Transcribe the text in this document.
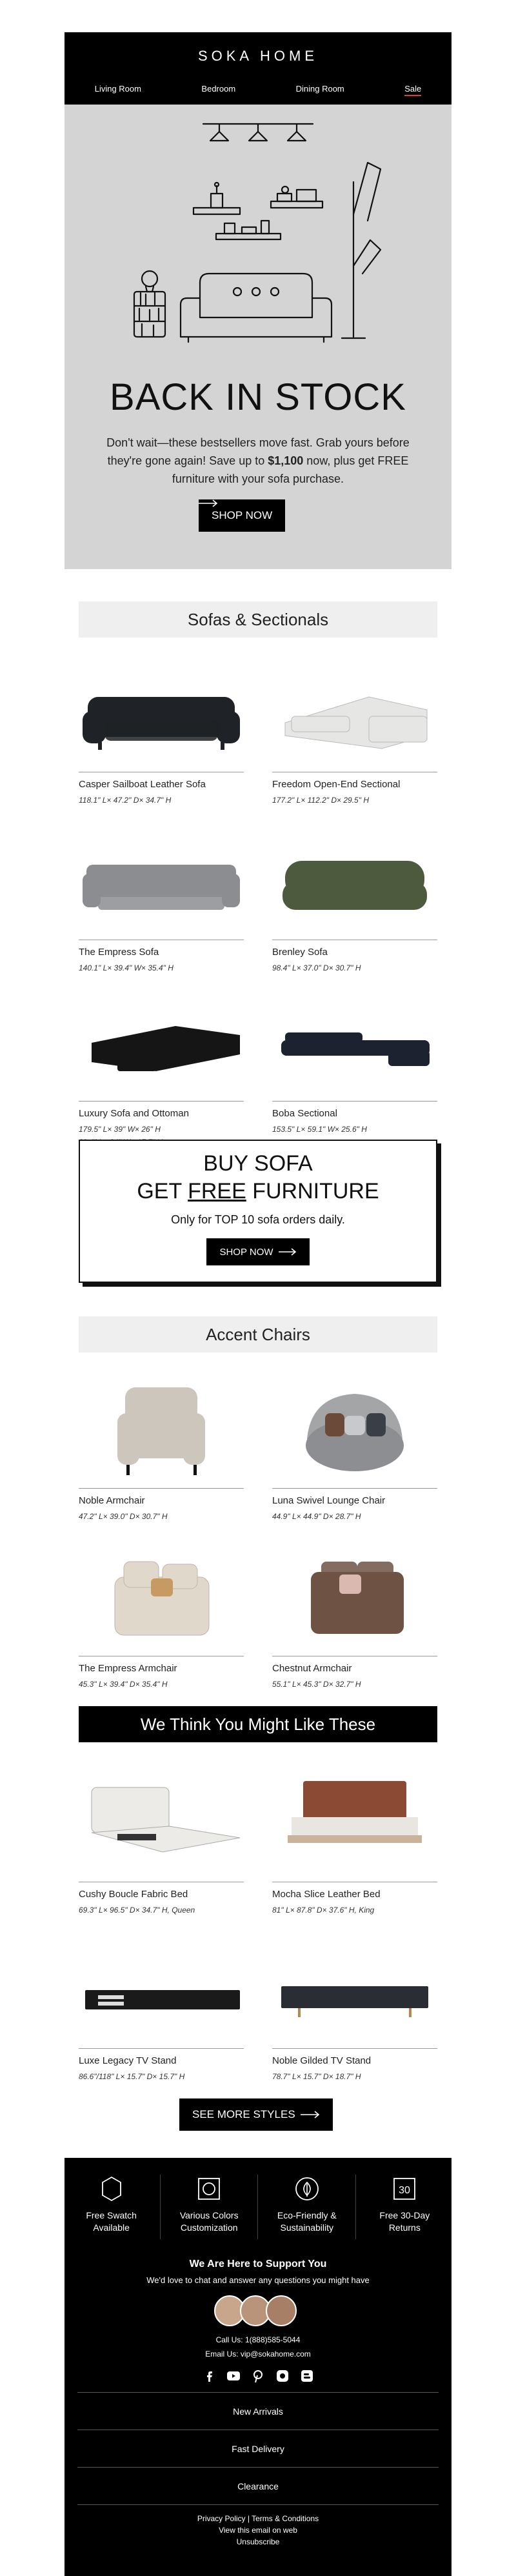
SOKA HOME
Living Room	Bedroom	Dining Room	Sale
BACK IN STOCK
Don't wait—these bestsellers move fast. Grab yours before they're gone again! Save up to $1,100 now, plus get FREE furniture with your sofa purchase.
SHOP NOW
Sofas & Sectionals
Casper Sailboat Leather Sofa
118.1" L× 47.2" D× 34.7" H
Freedom Open-End Sectional
177.2" L× 112.2" D× 29.5" H
The Empress Sofa
140.1" L× 39.4" W× 35.4" H
Brenley Sofa
98.4" L× 37.0" D× 30.7" H
Luxury Sofa and Ottoman
179.5" L× 39" W× 26" H
Boba Sectional
153.5" L× 59.1" W× 25.6" H
BUY SOFA
GET FREE FURNITURE
Only for TOP 10 sofa orders daily.
SHOP NOW
Accent Chairs
Noble Armchair
47.2" L× 39.0" D× 30.7" H
Luna Swivel Lounge Chair
44.9" L× 44.9" D× 28.7" H
The Empress Armchair
45.3" L× 39.4" D× 35.4" H
Chestnut Armchair
55.1" L× 45.3" D× 32.7" H
We Think You Might Like These
Cushy Boucle Fabric Bed
69.3" L× 96.5" D× 34.7" H, Queen
Mocha Slice Leather Bed
81" L× 87.8" D× 37.6" H, King
Luxe Legacy TV Stand
86.6"/118" L× 15.7" D× 15.7" H
Noble Gilded TV Stand
78.7" L× 15.7" D× 18.7" H
SEE MORE STYLES
Free Swatch
Available
Various Colors
Customization
Eco-Friendly &
Sustainability
30
Free 30-Day
Returns
We Are Here to Support You
We'd love to chat and answer any questions you might have
Call Us: 1(888)585-5044
Email Us: vip@sokahome.com
New Arrivals
Fast Delivery
Clearance
Privacy Policy | Terms & Conditions
View this email on web
Unsubscribe
